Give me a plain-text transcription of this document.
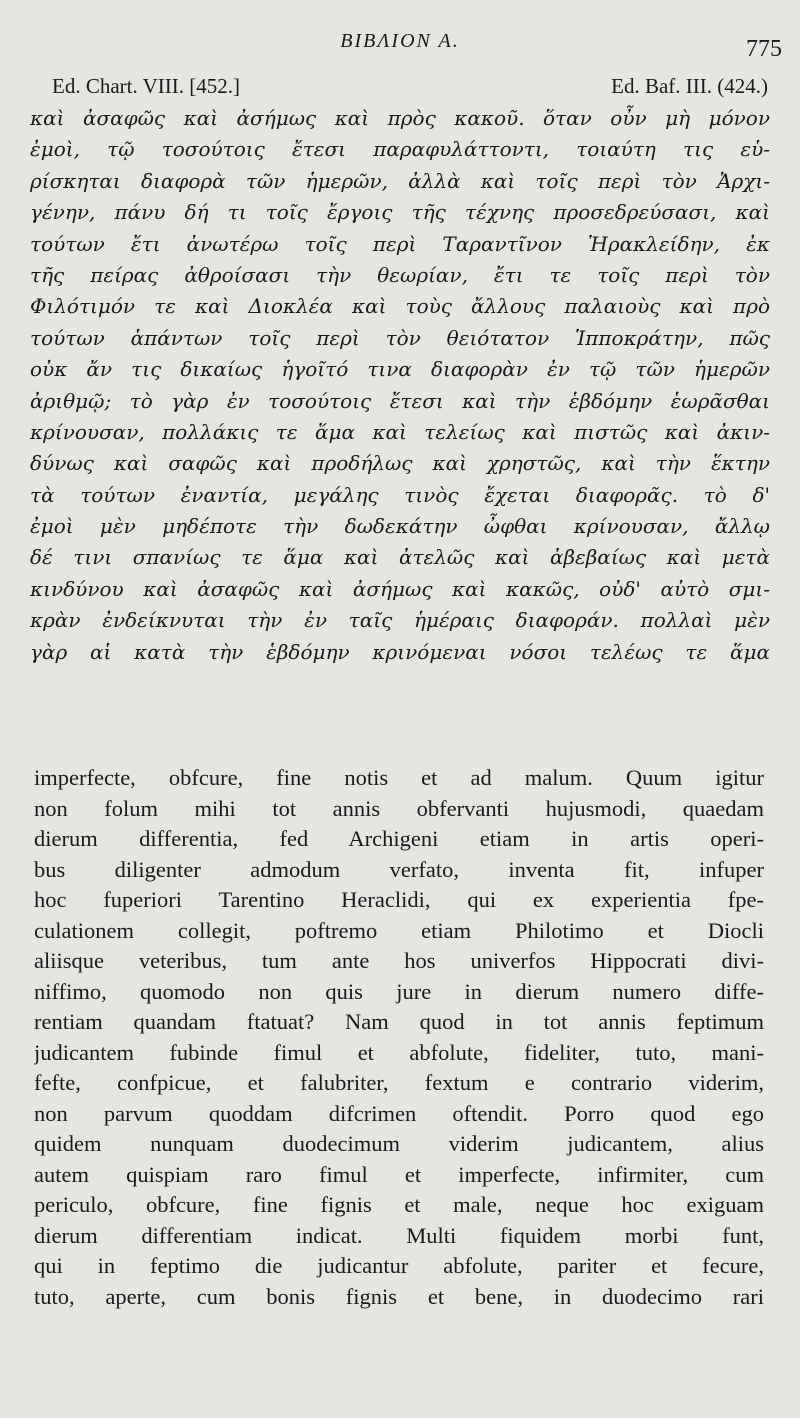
ΒΙΒΛΙΟΝ Α.	775
Ed. Chart. VIII. [452.]	Ed. Baf. III. (424.)
καὶ ἀσαφῶς καὶ ἀσήμως καὶ πρὸς κακοῦ. ὅταν οὖν μὴ μόνον
ἐμοὶ, τῷ τοσούτοις ἔτεσι παραφυλάττοντι, τοιαύτη τις εὑ-
ρίσκηται διαφορὰ τῶν ἡμερῶν, ἀλλὰ καὶ τοῖς περὶ τὸν Ἀρχι-
γένην, πάνυ δή τι τοῖς ἔργοις τῆς τέχνης προσεδρεύσασι, καὶ
τούτων ἔτι ἀνωτέρω τοῖς περὶ Ταραντῖνον Ἡρακλείδην, ἐκ
τῆς πείρας ἀθροίσασι τὴν θεωρίαν, ἔτι τε τοῖς περὶ τὸν
Φιλότιμόν τε καὶ Διοκλέα καὶ τοὺς ἄλλους παλαιοὺς καὶ πρὸ
τούτων ἁπάντων τοῖς περὶ τὸν θειότατον Ἱπποκράτην, πῶς
οὐκ ἄν τις δικαίως ἡγοῖτό τινα διαφορὰν ἐν τῷ τῶν ἡμερῶν
ἀριθμῷ; τὸ γὰρ ἐν τοσούτοις ἔτεσι καὶ τὴν ἑβδόμην ἑωρᾶσθαι
κρίνουσαν, πολλάκις τε ἅμα καὶ τελείως καὶ πιστῶς καὶ ἀκιν-
δύνως καὶ σαφῶς καὶ προδήλως καὶ χρηστῶς, καὶ τὴν ἕκτην
τὰ τούτων ἐναντία, μεγάλης τινὸς ἔχεται διαφορᾶς. τὸ δ'
ἐμοὶ μὲν μηδέποτε τὴν δωδεκάτην ὦφθαι κρίνουσαν, ἄλλῳ
δέ τινι σπανίως τε ἅμα καὶ ἀτελῶς καὶ ἀβεβαίως καὶ μετὰ
κινδύνου καὶ ἀσαφῶς καὶ ἀσήμως καὶ κακῶς, οὐδ' αὐτὸ σμι-
κρὰν ἐνδείκνυται τὴν ἐν ταῖς ἡμέραις διαφοράν. πολλαὶ μὲν
γὰρ αἱ κατὰ τὴν ἑβδόμην κρινόμεναι νόσοι τελέως τε ἅμα
imperfecte, obfcure, fine notis et ad malum. Quum igitur
non folum mihi tot annis obfervanti hujusmodi, quaedam
dierum differentia, fed Archigeni etiam in artis operi-
bus diligenter admodum verfato, inventa fit, infuper
hoc fuperiori Tarentino Heraclidi, qui ex experientia fpe-
culationem collegit, poftremo etiam Philotimo et Diocli
aliisque veteribus, tum ante hos univerfos Hippocrati divi-
niffimo, quomodo non quis jure in dierum numero diffe-
rentiam quandam ftatuat? Nam quod in tot annis feptimum
judicantem fubinde fimul et abfolute, fideliter, tuto, mani-
fefte, confpicue, et falubriter, fextum e contrario viderim,
non parvum quoddam difcrimen oftendit. Porro quod ego
quidem nunquam duodecimum viderim judicantem, alius
autem quispiam raro fimul et imperfecte, infirmiter, cum
periculo, obfcure, fine fignis et male, neque hoc exiguam
dierum differentiam indicat. Multi fiquidem morbi funt,
qui in feptimo die judicantur abfolute, pariter et fecure,
tuto, aperte, cum bonis fignis et bene, in duodecimo rari
